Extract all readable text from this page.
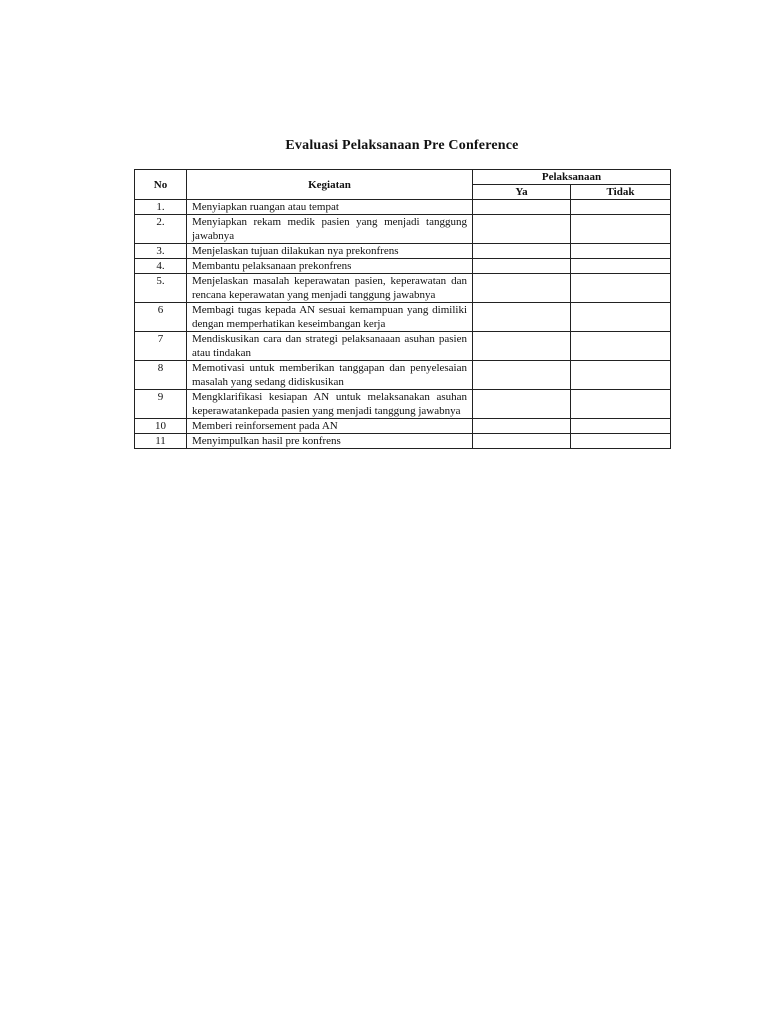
Evaluasi Pelaksanaan Pre Conference
No	Kegiatan	Pelaksanaan	
		Ya	Tidak
1.	Menyiapkan ruangan atau tempat		
2.	Menyiapkan rekam medik pasien yang menjadi tanggung jawabnya		
3.	Menjelaskan tujuan dilakukan nya prekonfrens		
4.	Membantu pelaksanaan prekonfrens		
5.	Menjelaskan masalah keperawatan pasien, keperawatan dan rencana keperawatan yang menjadi tanggung jawabnya		
6	Membagi tugas kepada AN sesuai kemampuan yang dimiliki dengan memperhatikan keseimbangan kerja		
7	Mendiskusikan cara dan strategi pelaksanaaan asuhan pasien atau tindakan		
8	Memotivasi untuk memberikan tanggapan dan penyelesaian masalah yang sedang didiskusikan		
9	Mengklarifikasi kesiapan AN untuk melaksanakan asuhan keperawatankepada pasien yang menjadi tanggung jawabnya		
10	Memberi reinforsement pada AN		
11	Menyimpulkan hasil pre konfrens		
